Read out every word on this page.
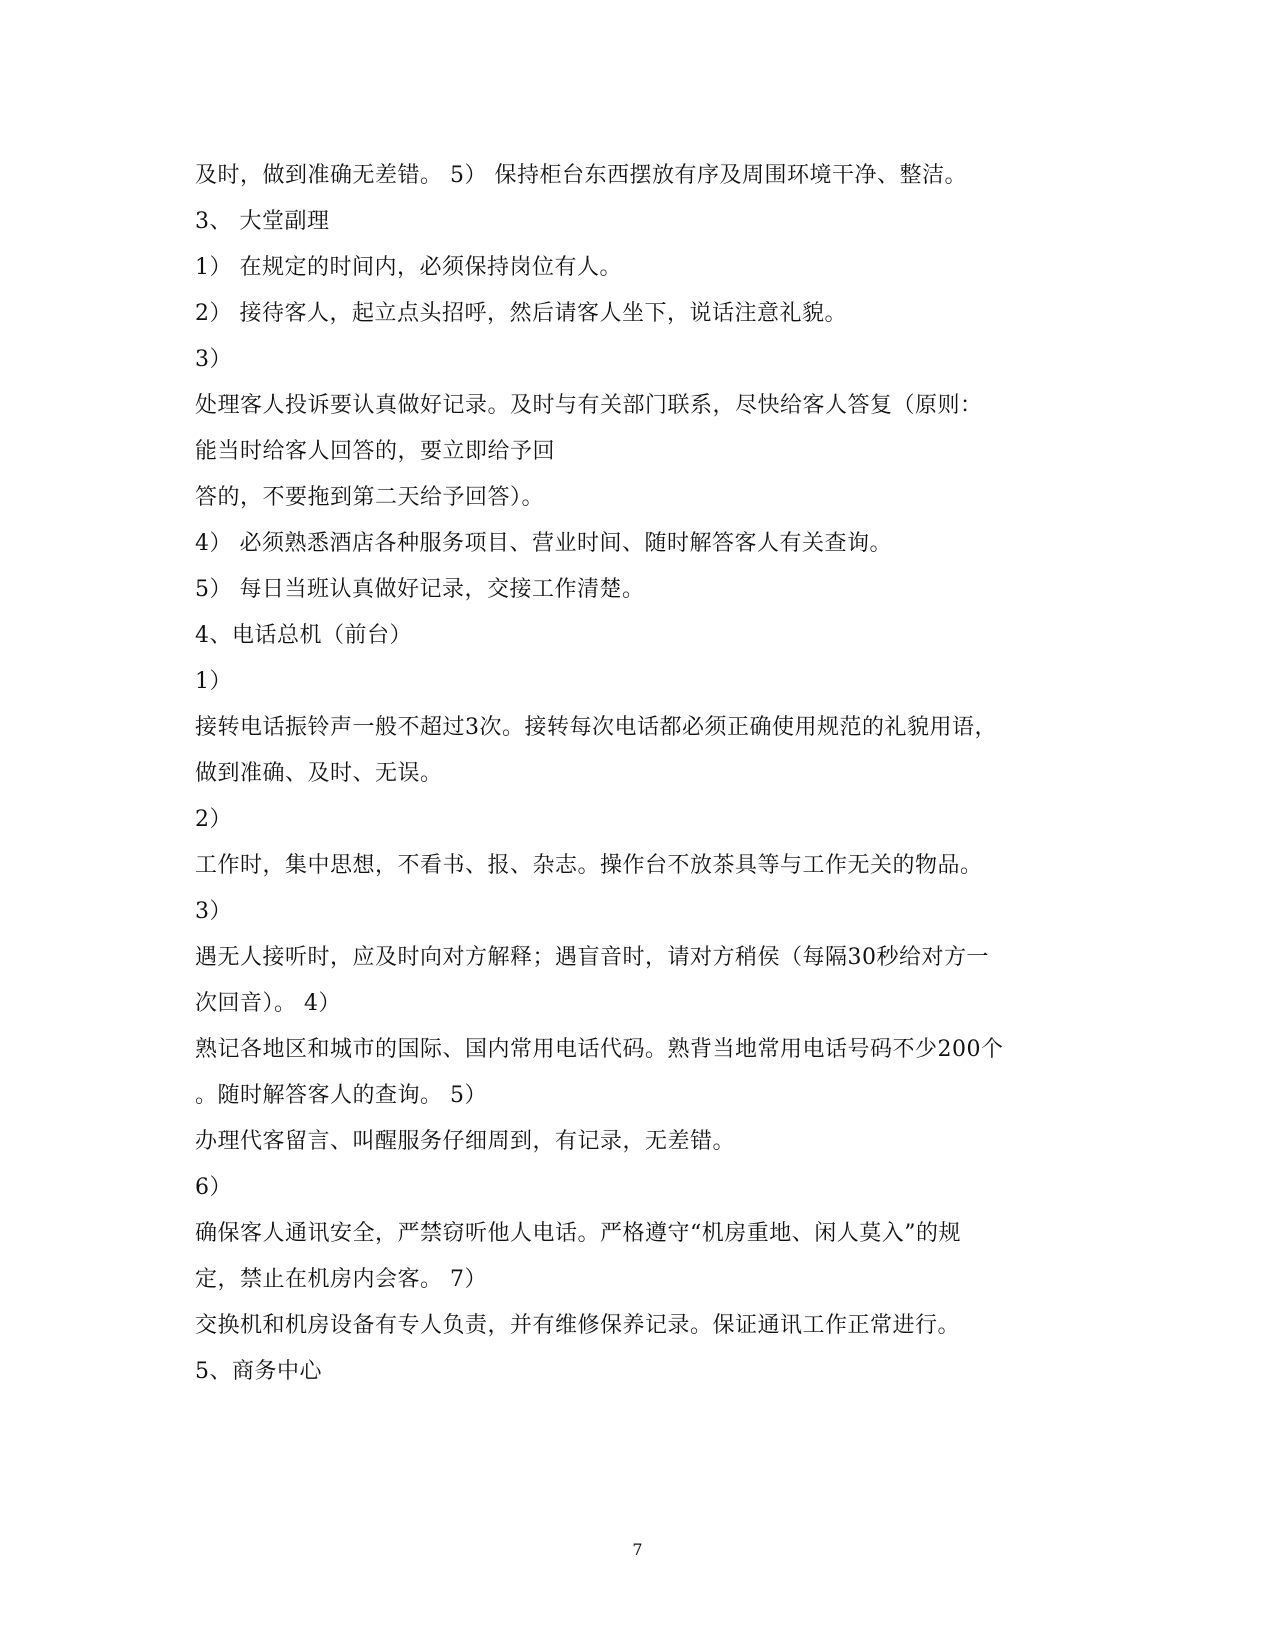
及时，做到准确无差错。 5） 保持柜台东西摆放有序及周围环境干净、整洁。
3、 大堂副理
1） 在规定的时间内，必须保持岗位有人。
2） 接待客人，起立点头招呼，然后请客人坐下，说话注意礼貌。
3）
处理客人投诉要认真做好记录。及时与有关部门联系，尽快给客人答复（原则：
能当时给客人回答的，要立即给予回
答的，不要拖到第二天给予回答）。
4） 必须熟悉酒店各种服务项目、营业时间、随时解答客人有关查询。
5） 每日当班认真做好记录，交接工作清楚。
4、电话总机（前台）
1）
接转电话振铃声一般不超过3次。接转每次电话都必须正确使用规范的礼貌用语，
做到准确、及时、无误。
2）
工作时，集中思想，不看书、报、杂志。操作台不放茶具等与工作无关的物品。
3）
遇无人接听时，应及时向对方解释；遇盲音时，请对方稍侯（每隔30秒给对方一
次回音）。 4）
熟记各地区和城市的国际、国内常用电话代码。熟背当地常用电话号码不少200个
。随时解答客人的查询。 5）
办理代客留言、叫醒服务仔细周到，有记录，无差错。
6）
确保客人通讯安全，严禁窃听他人电话。严格遵守“机房重地、闲人莫入”的规
定，禁止在机房内会客。 7）
交换机和机房设备有专人负责，并有维修保养记录。保证通讯工作正常进行。
5、商务中心
7
